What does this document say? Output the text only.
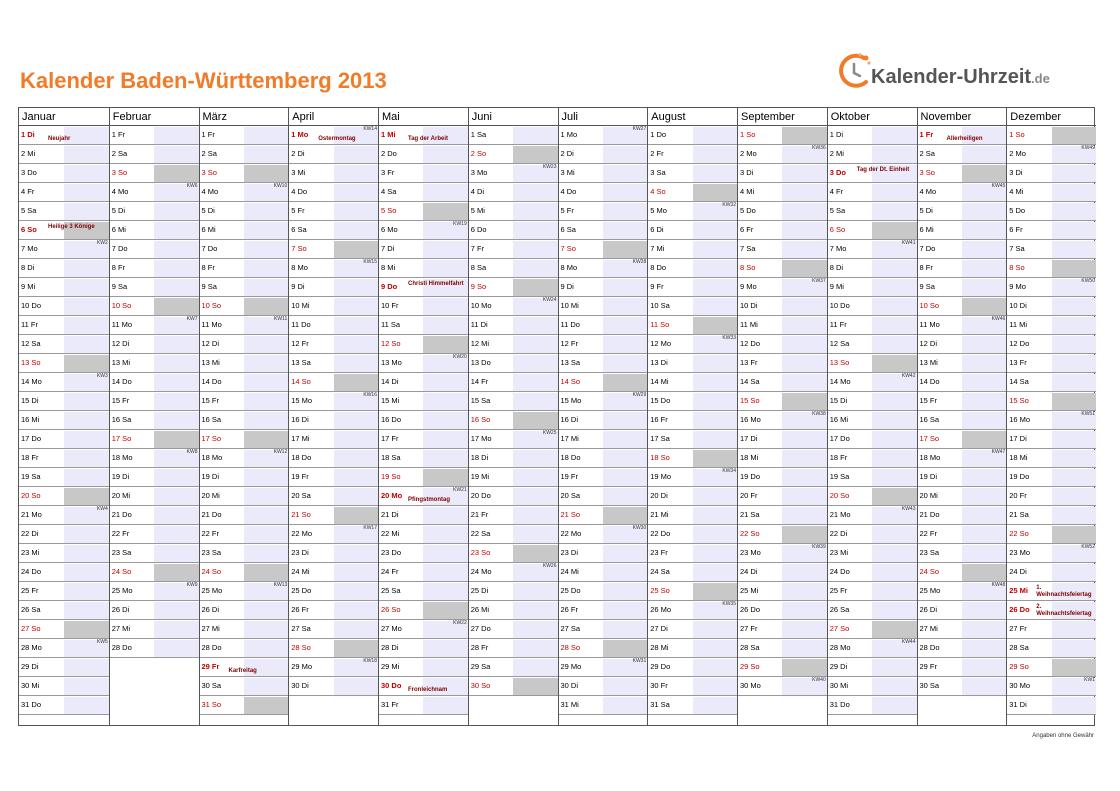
Kalender Baden-Württemberg 2013	Kalender-Uhrzeit.de
Januar
1 Di Neujahr
2 Mi
3 Do
4 Fr
5 Sa
6 So Heilige 3 Könige
7 Mo
KW2
8 Di
9 Mi
10 Do
11 Fr
12 Sa
13 So
14 Mo
KW3
15 Di
16 Mi
17 Do
18 Fr
19 Sa
20 So
21 Mo
KW4
22 Di
23 Mi
24 Do
25 Fr
26 Sa
27 So
28 Mo
KW5
29 Di
30 Mi
31 Do
Februar
1 Fr
2 Sa
3 So
4 Mo
KW6
5 Di
6 Mi
7 Do
8 Fr
9 Sa
10 So
11 Mo
KW7
12 Di
13 Mi
14 Do
15 Fr
16 Sa
17 So
18 Mo
KW8
19 Di
20 Mi
21 Do
22 Fr
23 Sa
24 So
25 Mo
KW9
26 Di
27 Mi
28 Do
März
1 Fr
2 Sa
3 So
4 Mo
KW10
5 Di
6 Mi
7 Do
8 Fr
9 Sa
10 So
11 Mo
KW11
12 Di
13 Mi
14 Do
15 Fr
16 Sa
17 So
18 Mo
KW12
19 Di
20 Mi
21 Do
22 Fr
23 Sa
24 So
25 Mo
KW13
26 Di
27 Mi
28 Do
29 Fr Karfreitag
30 Sa
31 So
April
1 Mo Ostermontag
KW14
2 Di
3 Mi
4 Do
5 Fr
6 Sa
7 So
8 Mo
KW15
9 Di
10 Mi
11 Do
12 Fr
13 Sa
14 So
15 Mo
KW16
16 Di
17 Mi
18 Do
19 Fr
20 Sa
21 So
22 Mo
KW17
23 Di
24 Mi
25 Do
26 Fr
27 Sa
28 So
29 Mo
KW18
30 Di
Mai
1 Mi Tag der Arbeit
2 Do
3 Fr
4 Sa
5 So
6 Mo
KW19
7 Di
8 Mi
9 Do Christi Himmelfahrt
10 Fr
11 Sa
12 So
13 Mo
KW20
14 Di
15 Mi
16 Do
17 Fr
18 Sa
19 So
20 Mo Pfingstmontag
KW21
21 Di
22 Mi
23 Do
24 Fr
25 Sa
26 So
27 Mo
KW22
28 Di
29 Mi
30 Do Fronleichnam
31 Fr
Juni
1 Sa
2 So
3 Mo
KW23
4 Di
5 Mi
6 Do
7 Fr
8 Sa
9 So
10 Mo
KW24
11 Di
12 Mi
13 Do
14 Fr
15 Sa
16 So
17 Mo
KW25
18 Di
19 Mi
20 Do
21 Fr
22 Sa
23 So
24 Mo
KW26
25 Di
26 Mi
27 Do
28 Fr
29 Sa
30 So
Juli
1 Mo
KW27
2 Di
3 Mi
4 Do
5 Fr
6 Sa
7 So
8 Mo
KW28
9 Di
10 Mi
11 Do
12 Fr
13 Sa
14 So
15 Mo
KW29
16 Di
17 Mi
18 Do
19 Fr
20 Sa
21 So
22 Mo
KW30
23 Di
24 Mi
25 Do
26 Fr
27 Sa
28 So
29 Mo
KW31
30 Di
31 Mi
August
1 Do
2 Fr
3 Sa
4 So
5 Mo
KW32
6 Di
7 Mi
8 Do
9 Fr
10 Sa
11 So
12 Mo
KW33
13 Di
14 Mi
15 Do
16 Fr
17 Sa
18 So
19 Mo
KW34
20 Di
21 Mi
22 Do
23 Fr
24 Sa
25 So
26 Mo
KW35
27 Di
28 Mi
29 Do
30 Fr
31 Sa
September
1 So
2 Mo
KW36
3 Di
4 Mi
5 Do
6 Fr
7 Sa
8 So
9 Mo
KW37
10 Di
11 Mi
12 Do
13 Fr
14 Sa
15 So
16 Mo
KW38
17 Di
18 Mi
19 Do
20 Fr
21 Sa
22 So
23 Mo
KW39
24 Di
25 Mi
26 Do
27 Fr
28 Sa
29 So
30 Mo
KW40
Oktober
1 Di
2 Mi
3 Do Tag der Dt. Einheit
4 Fr
5 Sa
6 So
7 Mo
KW41
8 Di
9 Mi
10 Do
11 Fr
12 Sa
13 So
14 Mo
KW42
15 Di
16 Mi
17 Do
18 Fr
19 Sa
20 So
21 Mo
KW43
22 Di
23 Mi
24 Do
25 Fr
26 Sa
27 So
28 Mo
KW44
29 Di
30 Mi
31 Do
November
1 Fr Allerheiligen
2 Sa
3 So
4 Mo
KW45
5 Di
6 Mi
7 Do
8 Fr
9 Sa
10 So
11 Mo
KW46
12 Di
13 Mi
14 Do
15 Fr
16 Sa
17 So
18 Mo
KW47
19 Di
20 Mi
21 Do
22 Fr
23 Sa
24 So
25 Mo
KW48
26 Di
27 Mi
28 Do
29 Fr
30 Sa
Dezember
1 So
2 Mo
KW49
3 Di
4 Mi
5 Do
6 Fr
7 Sa
8 So
9 Mo
KW50
10 Di
11 Mi
12 Do
13 Fr
14 Sa
15 So
16 Mo
KW51
17 Di
18 Mi
19 Do
20 Fr
21 Sa
22 So
23 Mo
KW52
24 Di
25 Mi 1. Weihnachtsfeiertag
26 Do 2. Weihnachtsfeiertag
27 Fr
28 Sa
29 So
30 Mo
KW1
31 Di
Angaben ohne Gewähr
